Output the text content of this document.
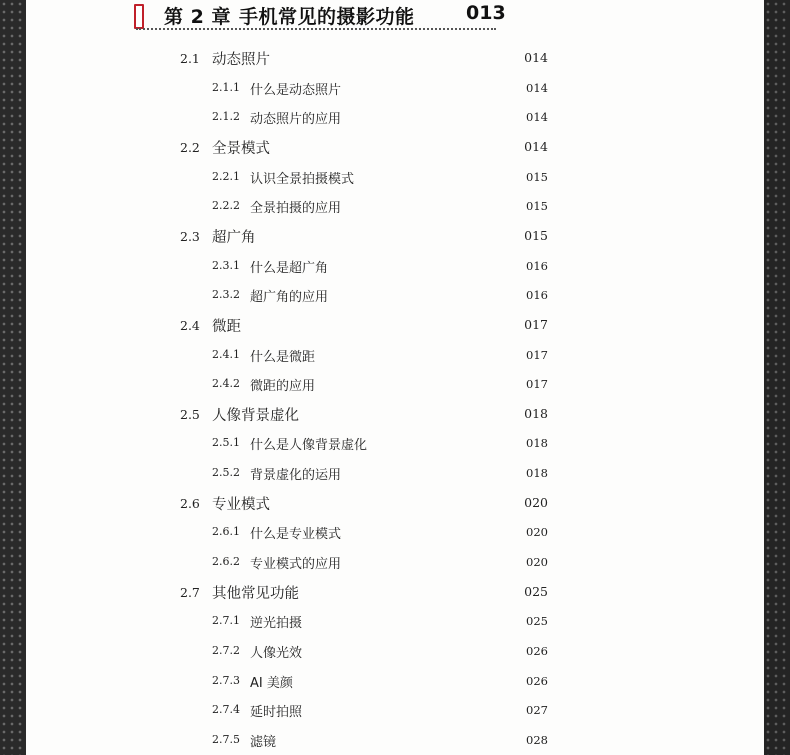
第 2 章 手机常见的摄影功能	013
2.1 动态照片	014
2.1.1 什么是动态照片	014
2.1.2 动态照片的应用	014
2.2 全景模式	014
2.2.1 认识全景拍摄模式	015
2.2.2 全景拍摄的应用	015
2.3 超广角	015
2.3.1 什么是超广角	016
2.3.2 超广角的应用	016
2.4 微距	017
2.4.1 什么是微距	017
2.4.2 微距的应用	017
2.5 人像背景虚化	018
2.5.1 什么是人像背景虚化	018
2.5.2 背景虚化的运用	018
2.6 专业模式	020
2.6.1 什么是专业模式	020
2.6.2 专业模式的应用	020
2.7 其他常见功能	025
2.7.1 逆光拍摄	025
2.7.2 人像光效	026
2.7.3 AI 美颜	026
2.7.4 延时拍照	027
2.7.5 滤镜	028
